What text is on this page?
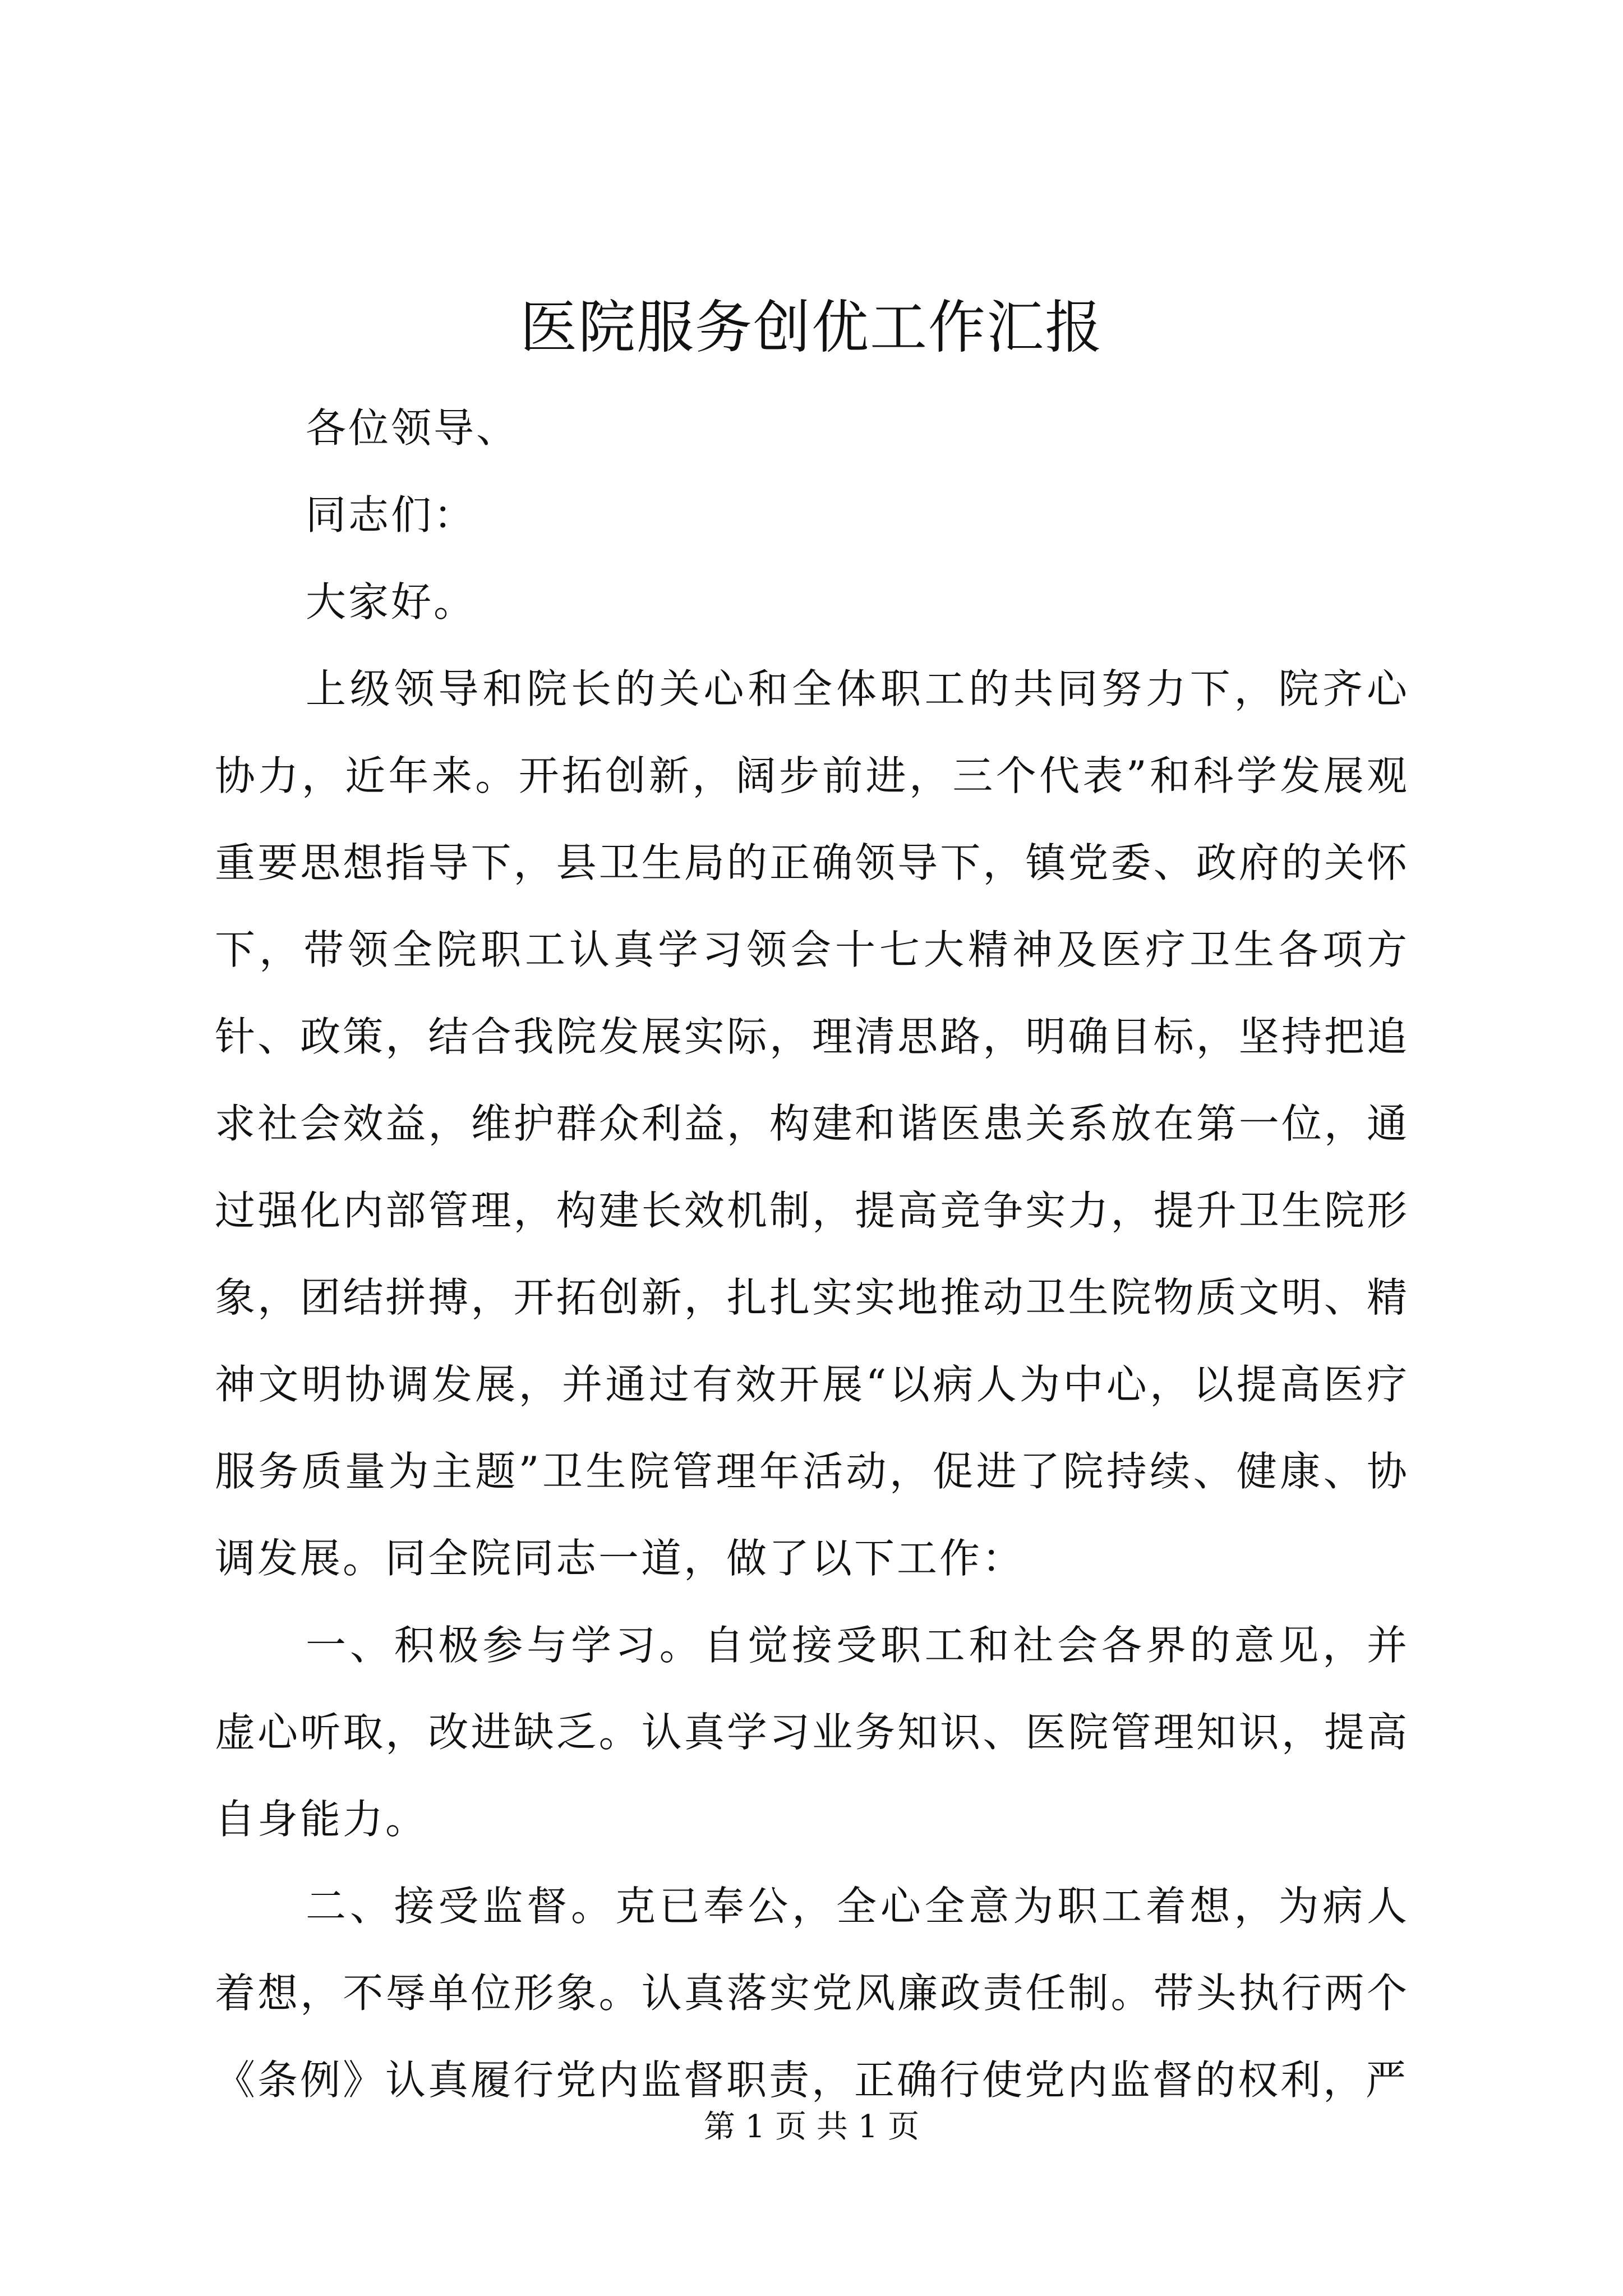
医院服务创优工作汇报

各位领导、

同志们：

大家好。

上级领导和院长的关心和全体职工的共同努力下，院齐心协力，近年来。开拓创新，阔步前进，三个代表”和科学发展观重要思想指导下，县卫生局的正确领导下，镇党委、政府的关怀下，带领全院职工认真学习领会十七大精神及医疗卫生各项方针、政策，结合我院发展实际，理清思路，明确目标，坚持把追求社会效益，维护群众利益，构建和谐医患关系放在第一位，通过强化内部管理，构建长效机制，提高竞争实力，提升卫生院形象，团结拼搏，开拓创新，扎扎实实地推动卫生院物质文明、精神文明协调发展，并通过有效开展“以病人为中心，以提高医疗服务质量为主题”卫生院管理年活动，促进了院持续、健康、协调发展。同全院同志一道，做了以下工作：

一、积极参与学习。自觉接受职工和社会各界的意见，并虚心听取，改进缺乏。认真学习业务知识、医院管理知识，提高自身能力。

二、接受监督。克已奉公，全心全意为职工着想，为病人着想，不辱单位形象。认真落实党风廉政责任制。带头执行两个《条例》认真履行党内监督职责，正确行使党内监督的权利，严

第 1 页 共 1 页
